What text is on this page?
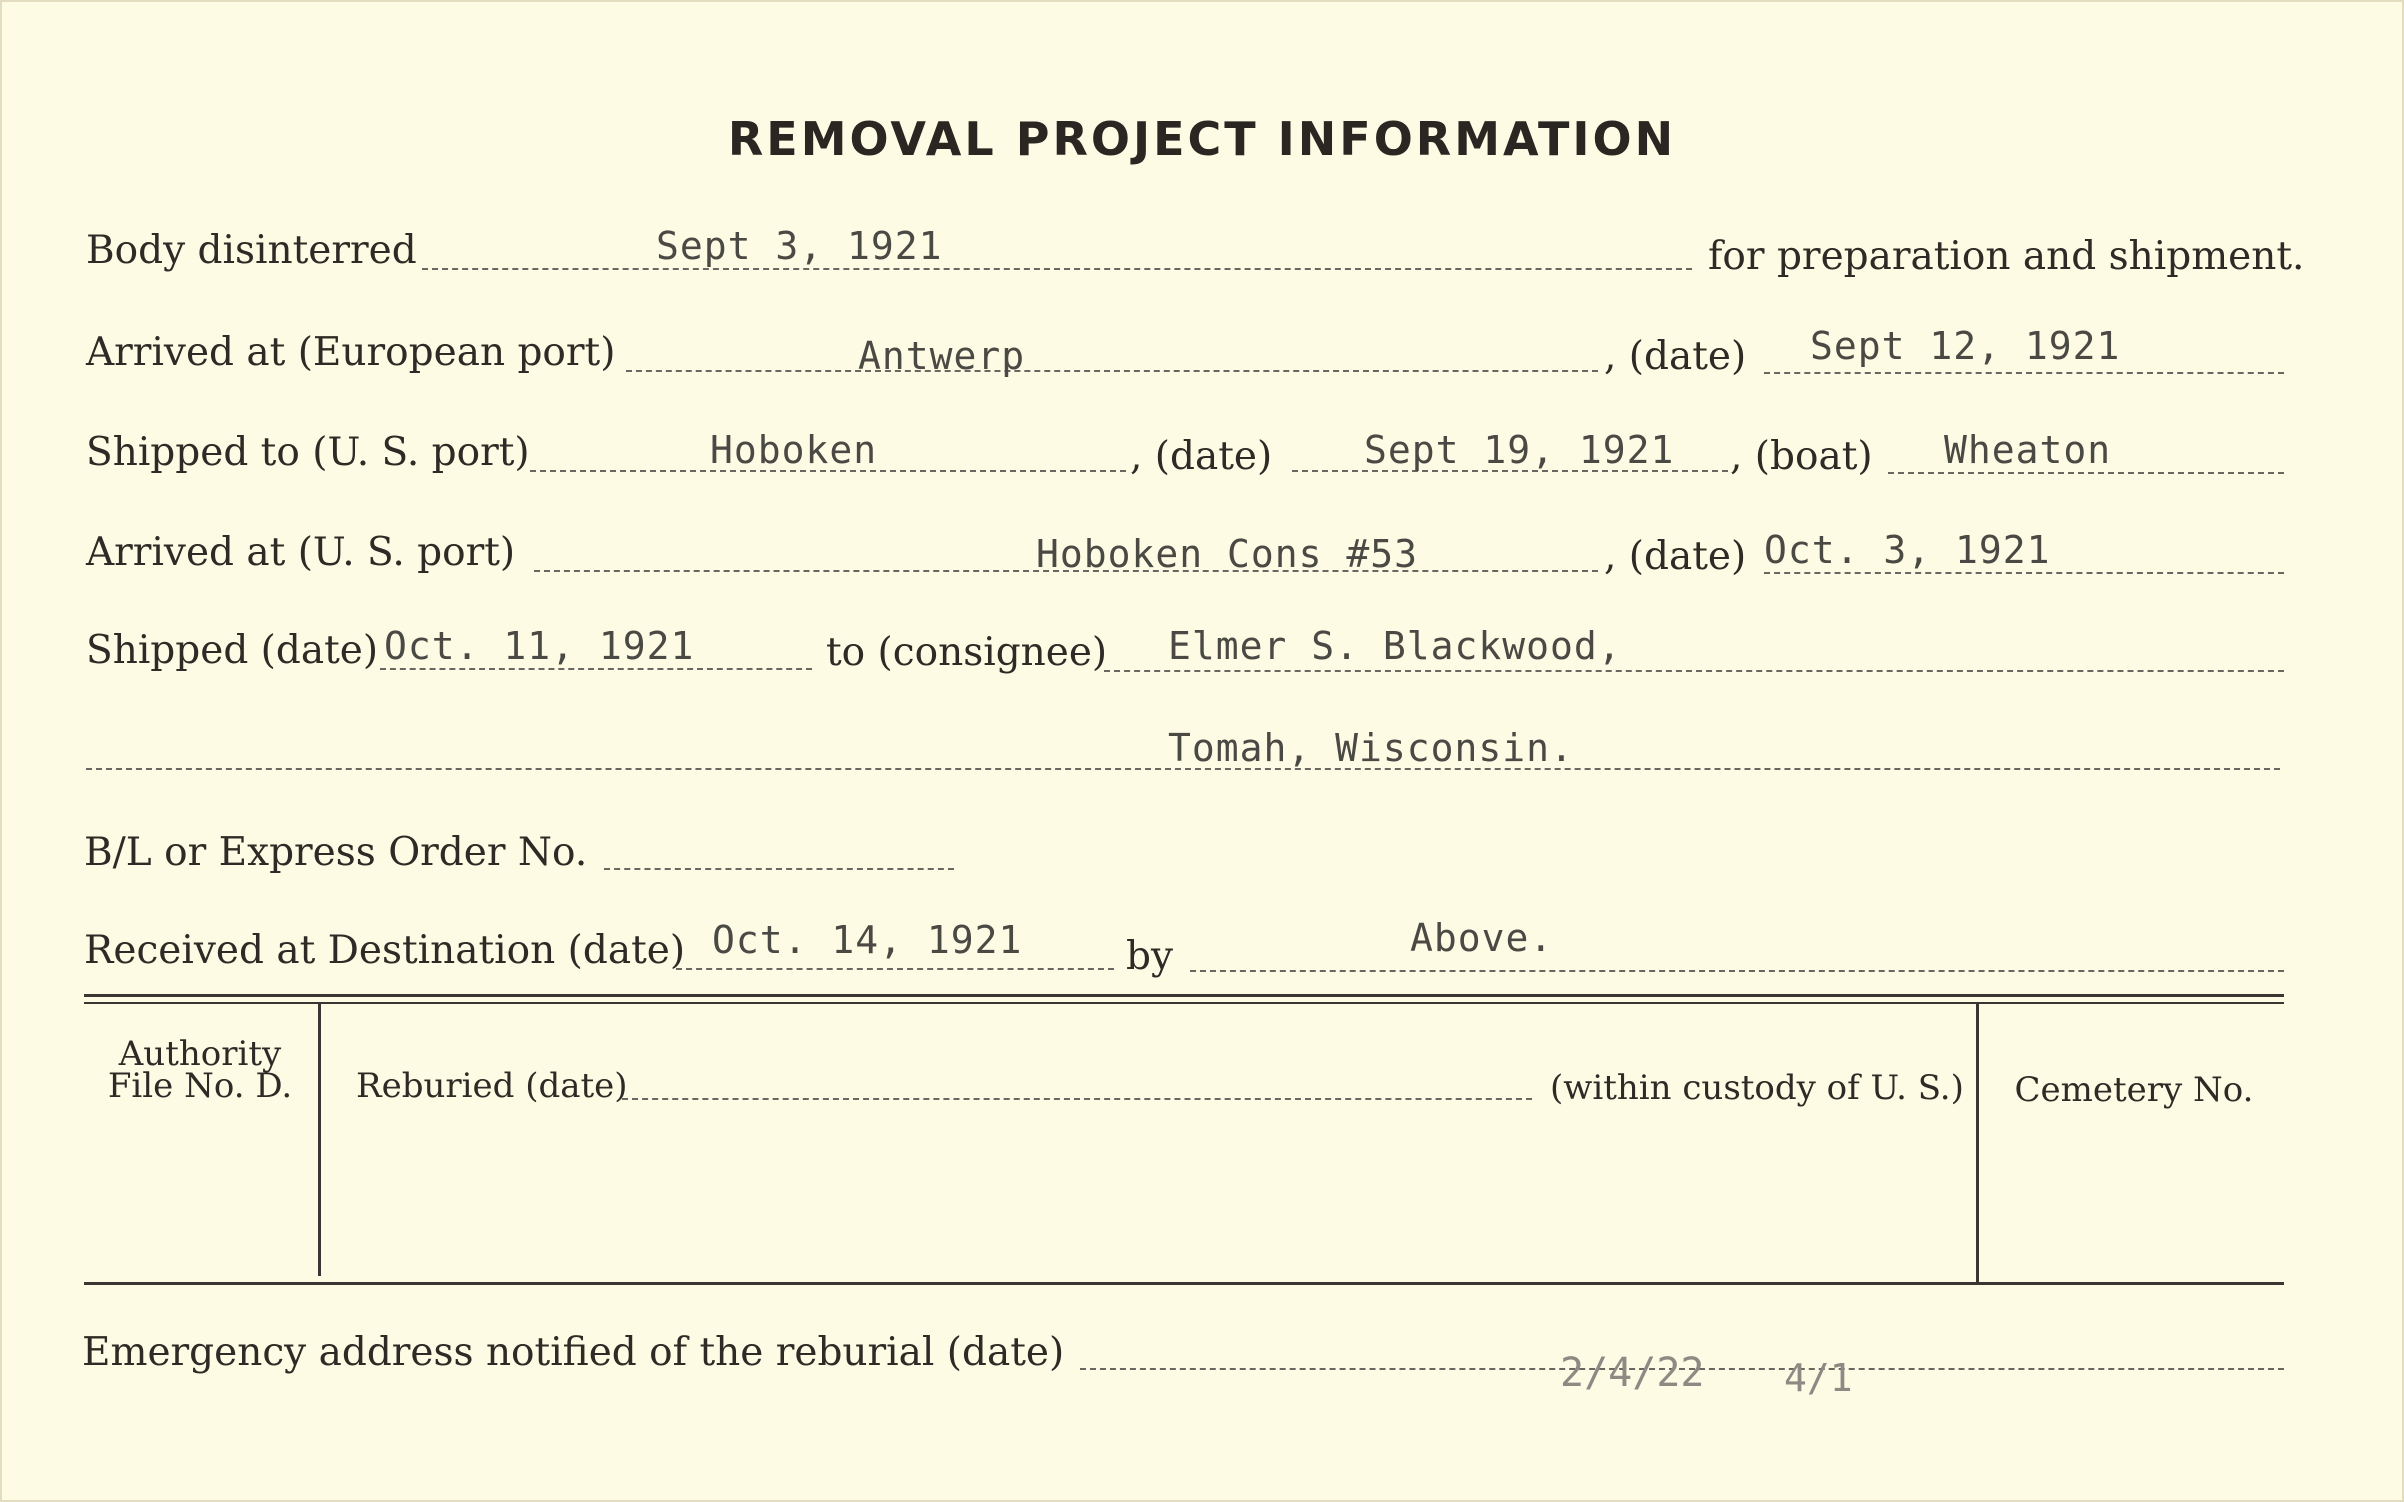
REMOVAL PROJECT INFORMATION
Body disinterred	Sept 3, 1921	for preparation and shipment.
Arrived at (European port)	Antwerp	, (date) Sept 12, 1921
Shipped to (U. S. port)	Hoboken	, (date) Sept 19, 1921 , (boat) Wheaton
Arrived at (U. S. port)	Hoboken Cons #53	, (date) Oct. 3, 1921
Shipped (date) Oct. 11, 1921	to (consignee) Elmer S. Blackwood,
Tomah, Wisconsin.
B/L or Express Order No.
Received at Destination (date) Oct. 14, 1921	by	Above.
Authority
File No. D.	Reburied (date)	(within custody of U. S.)	Cemetery No.
Emergency address notified of the reburial (date)	2/4/22 4/1
